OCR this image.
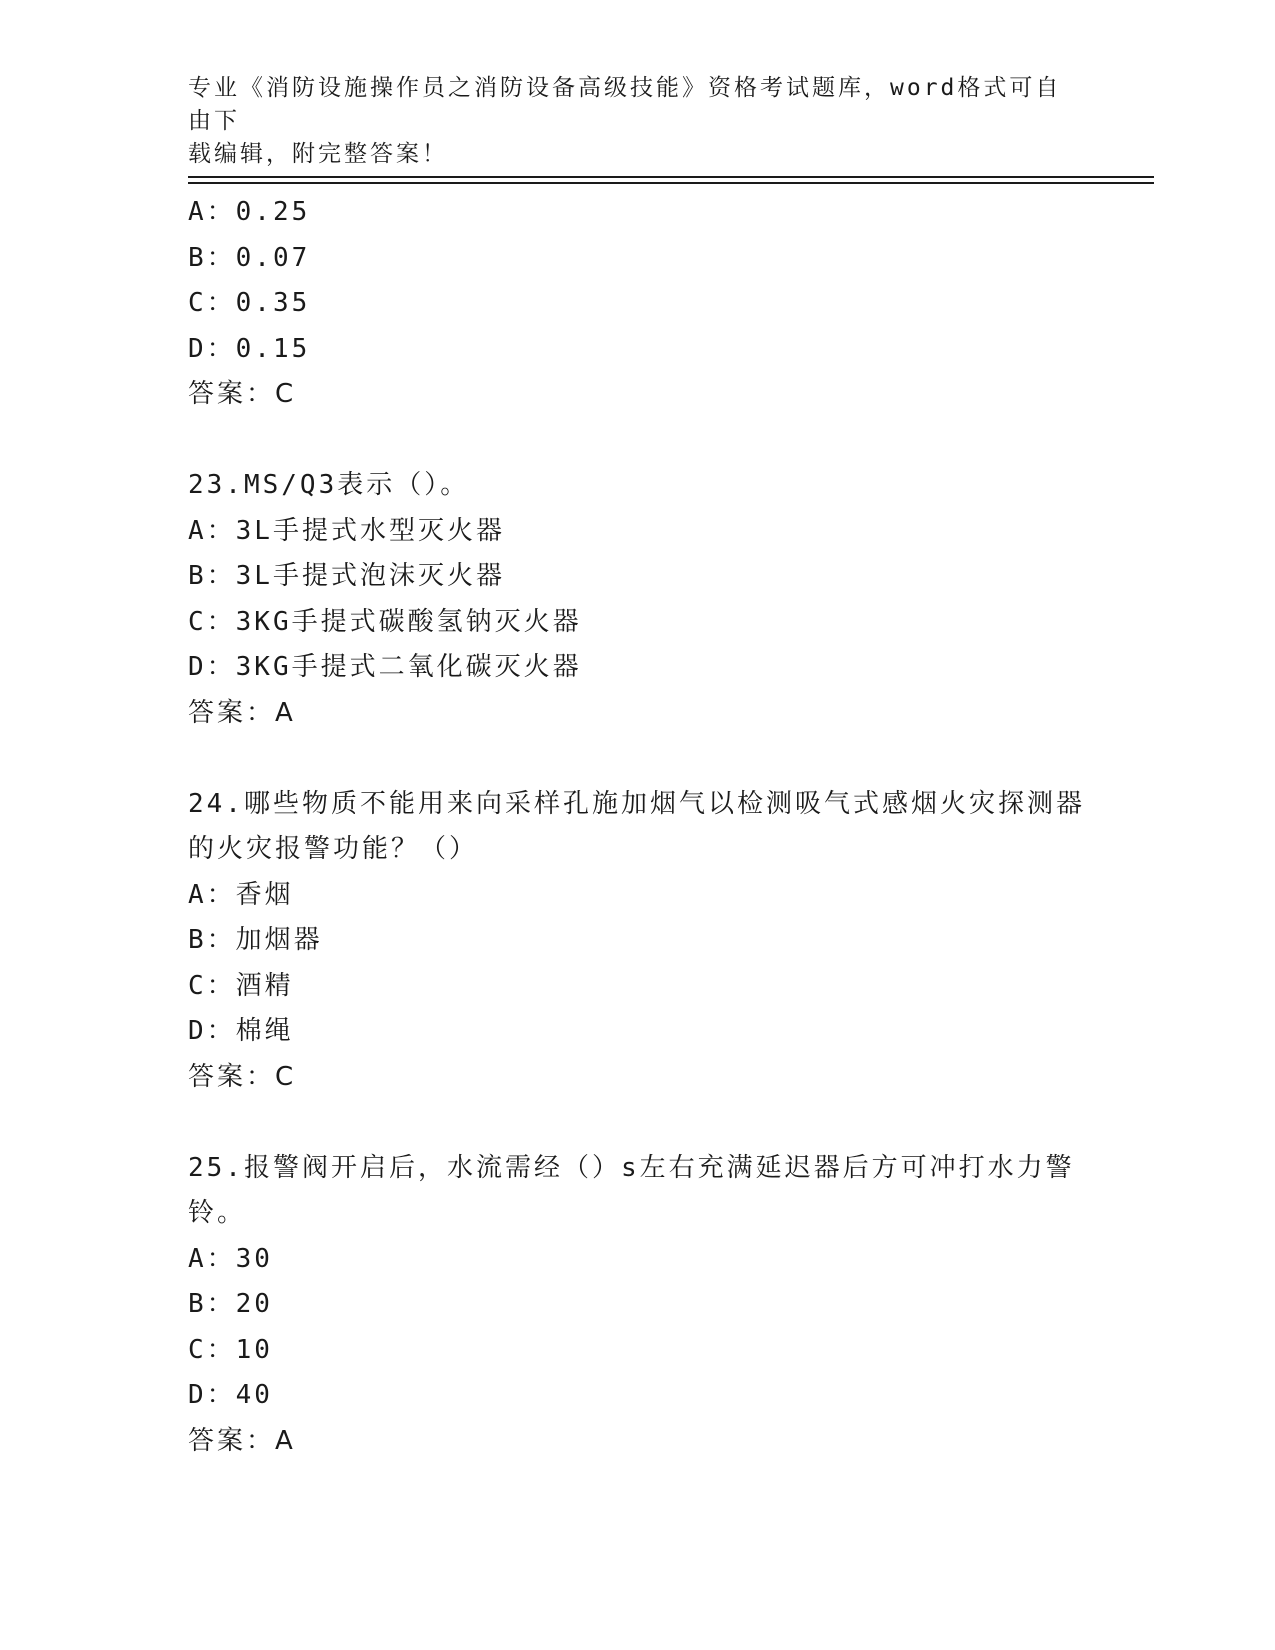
专业《消防设施操作员之消防设备高级技能》资格考试题库，word格式可自由下
载编辑，附完整答案！
A：0.25
B：0.07
C：0.35
D：0.15
答案：C
23.MS/Q3表示（）。
A：3L手提式水型灭火器
B：3L手提式泡沫灭火器
C：3KG手提式碳酸氢钠灭火器
D：3KG手提式二氧化碳灭火器
答案：A
24.哪些物质不能用来向采样孔施加烟气以检测吸气式感烟火灾探测器
的火灾报警功能？（）
A：香烟
B：加烟器
C：酒精
D：棉绳
答案：C
25.报警阀开启后，水流需经（）s左右充满延迟器后方可冲打水力警
铃。
A：30
B：20
C：10
D：40
答案：A
